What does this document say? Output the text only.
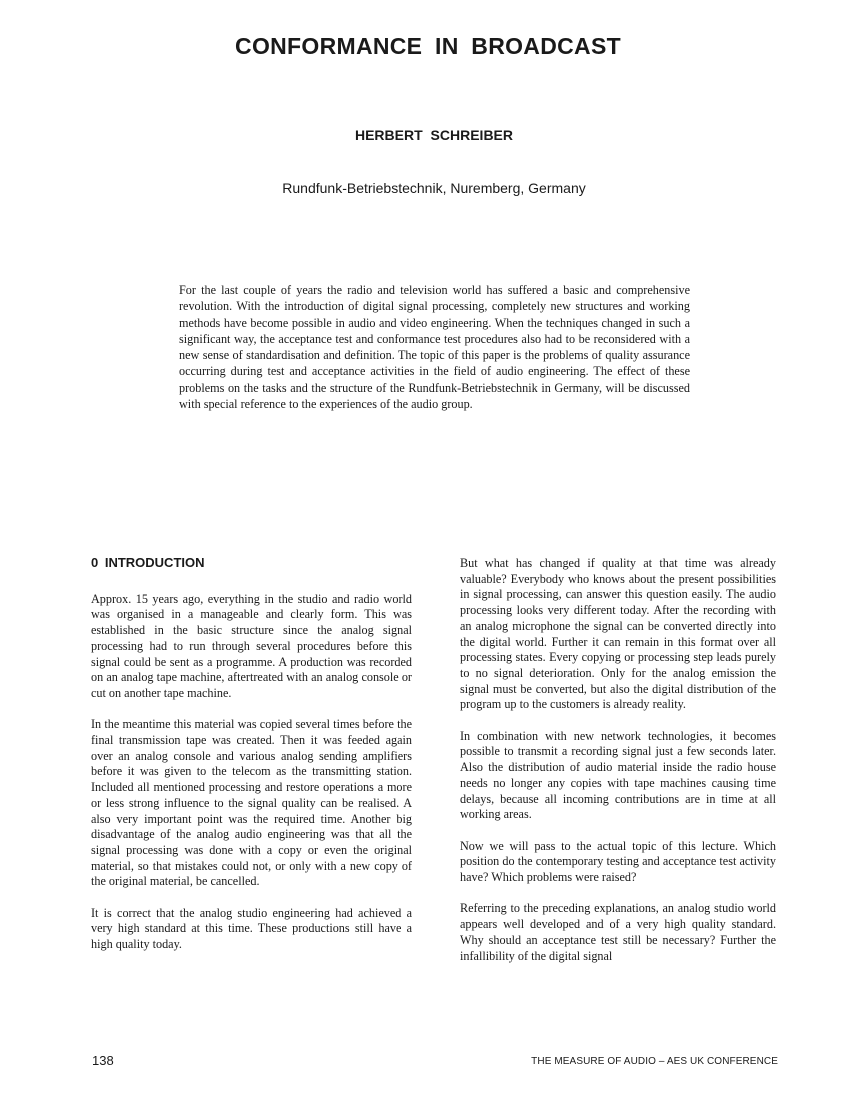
CONFORMANCE IN BROADCAST
HERBERT SCHREIBER
Rundfunk-Betriebstechnik, Nuremberg, Germany

For the last couple of years the radio and television world has suffered a basic and comprehensive revolution. With the introduction of digital signal processing, completely new structures and working methods have become possible in audio and video engineering. When the techniques changed in such a significant way, the acceptance test and conformance test procedures also had to be reconsidered with a new sense of standardisation and definition. The topic of this paper is the problems of quality assurance occurring during test and acceptance activities in the field of audio engineering. The effect of these problems on the tasks and the structure of the Rundfunk-Betriebstechnik in Germany, will be discussed with special reference to the experiences of the audio group.

0 INTRODUCTION

Approx. 15 years ago, everything in the studio and radio world was organised in a manageable and clearly form. This was established in the basic structure since the analog signal processing had to run through several procedures before this signal could be sent as a programme. A production was recorded on an analog tape machine, aftertreated with an analog console or cut on another tape machine.

In the meantime this material was copied several times before the final transmission tape was created. Then it was feeded again over an analog console and various analog sending amplifiers before it was given to the telecom as the transmitting station. Included all mentioned processing and restore operations a more or less strong influence to the signal quality can be realised. A also very important point was the required time. Another big disadvantage of the analog audio engineering was that all the signal processing was done with a copy or even the original material, so that mistakes could not, or only with a new copy of the original material, be cancelled.

It is correct that the analog studio engineering had achieved a very high standard at this time. These productions still have a high quality today.

But what has changed if quality at that time was already valuable? Everybody who knows about the present possibilities in signal processing, can answer this question easily. The audio processing looks very different today. After the recording with an analog microphone the signal can be converted directly into the digital world. Further it can remain in this format over all processing states. Every copying or processing step leads purely to no signal deterioration. Only for the analog emission the signal must be converted, but also the digital distribution of the program up to the customers is already reality.

In combination with new network technologies, it becomes possible to transmit a recording signal just a few seconds later. Also the distribution of audio material inside the radio house needs no longer any copies with tape machines causing time delays, because all incoming contributions are in time at all working areas.

Now we will pass to the actual topic of this lecture. Which position do the contemporary testing and acceptance test activity have? Which problems were raised?

Referring to the preceding explanations, an analog studio world appears well developed and of a very high quality standard. Why should an acceptance test still be necessary? Further the infallibility of the digital signal

138	THE MEASURE OF AUDIO – AES UK CONFERENCE
